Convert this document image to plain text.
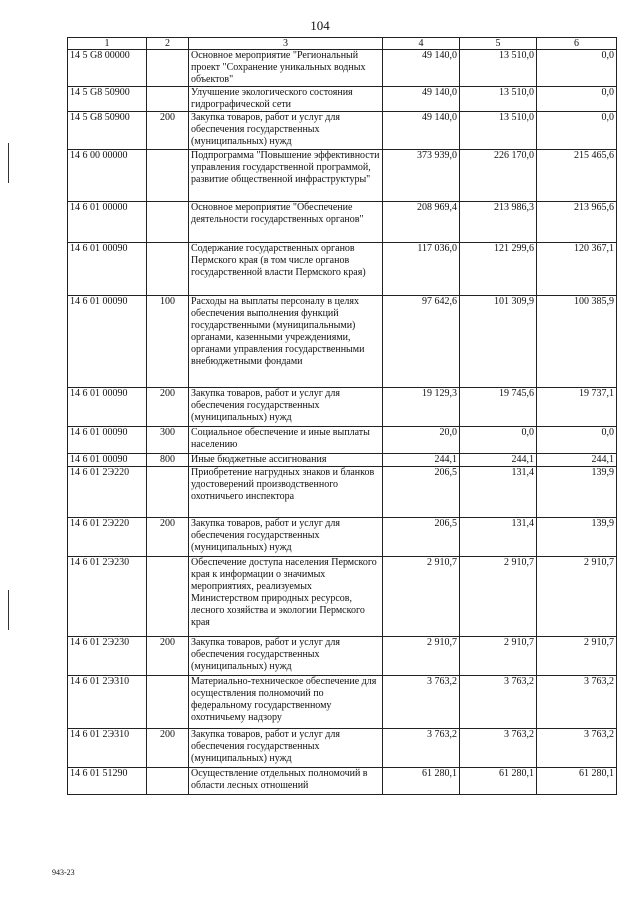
104
1	2	3	4	5	6
14 5 G8 00000		Основное мероприятие "Региональный проект "Сохранение уникальных водных объектов"	49 140,0	13 510,0	0,0
14 5 G8 50900		Улучшение экологического состояния гидрографической сети	49 140,0	13 510,0	0,0
14 5 G8 50900	200	Закупка товаров, работ и услуг для обеспечения государственных (муниципальных) нужд	49 140,0	13 510,0	0,0
14 6 00 00000		Подпрограмма "Повышение эффективности управления государственной программой, развитие общественной инфраструктуры"	373 939,0	226 170,0	215 465,6
14 6 01 00000		Основное мероприятие "Обеспечение деятельности государственных органов"	208 969,4	213 986,3	213 965,6
14 6 01 00090		Содержание государственных органов Пермского края (в том числе органов государственной власти Пермского края)	117 036,0	121 299,6	120 367,1
14 6 01 00090	100	Расходы на выплаты персоналу в целях обеспечения выполнения функций государственными (муниципальными) органами, казенными учреждениями, органами управления государственными внебюджетными фондами	97 642,6	101 309,9	100 385,9
14 6 01 00090	200	Закупка товаров, работ и услуг для обеспечения государственных (муниципальных) нужд	19 129,3	19 745,6	19 737,1
14 6 01 00090	300	Социальное обеспечение и иные выплаты населению	20,0	0,0	0,0
14 6 01 00090	800	Иные бюджетные ассигнования	244,1	244,1	244,1
14 6 01 2Э220		Приобретение нагрудных знаков и бланков удостоверений производственного охотничьего инспектора	206,5	131,4	139,9
14 6 01 2Э220	200	Закупка товаров, работ и услуг для обеспечения государственных (муниципальных) нужд	206,5	131,4	139,9
14 6 01 2Э230		Обеспечение доступа населения Пермского края к информации о значимых мероприятиях, реализуемых Министерством природных ресурсов, лесного хозяйства и экологии Пермского края	2 910,7	2 910,7	2 910,7
14 6 01 2Э230	200	Закупка товаров, работ и услуг для обеспечения государственных (муниципальных) нужд	2 910,7	2 910,7	2 910,7
14 6 01 2Э310		Материально-техническое обеспечение для осуществления полномочий по федеральному государственному охотничьему надзору	3 763,2	3 763,2	3 763,2
14 6 01 2Э310	200	Закупка товаров, работ и услуг для обеспечения государственных (муниципальных) нужд	3 763,2	3 763,2	3 763,2
14 6 01 51290		Осуществление отдельных полномочий в области лесных отношений	61 280,1	61 280,1	61 280,1
943-23
